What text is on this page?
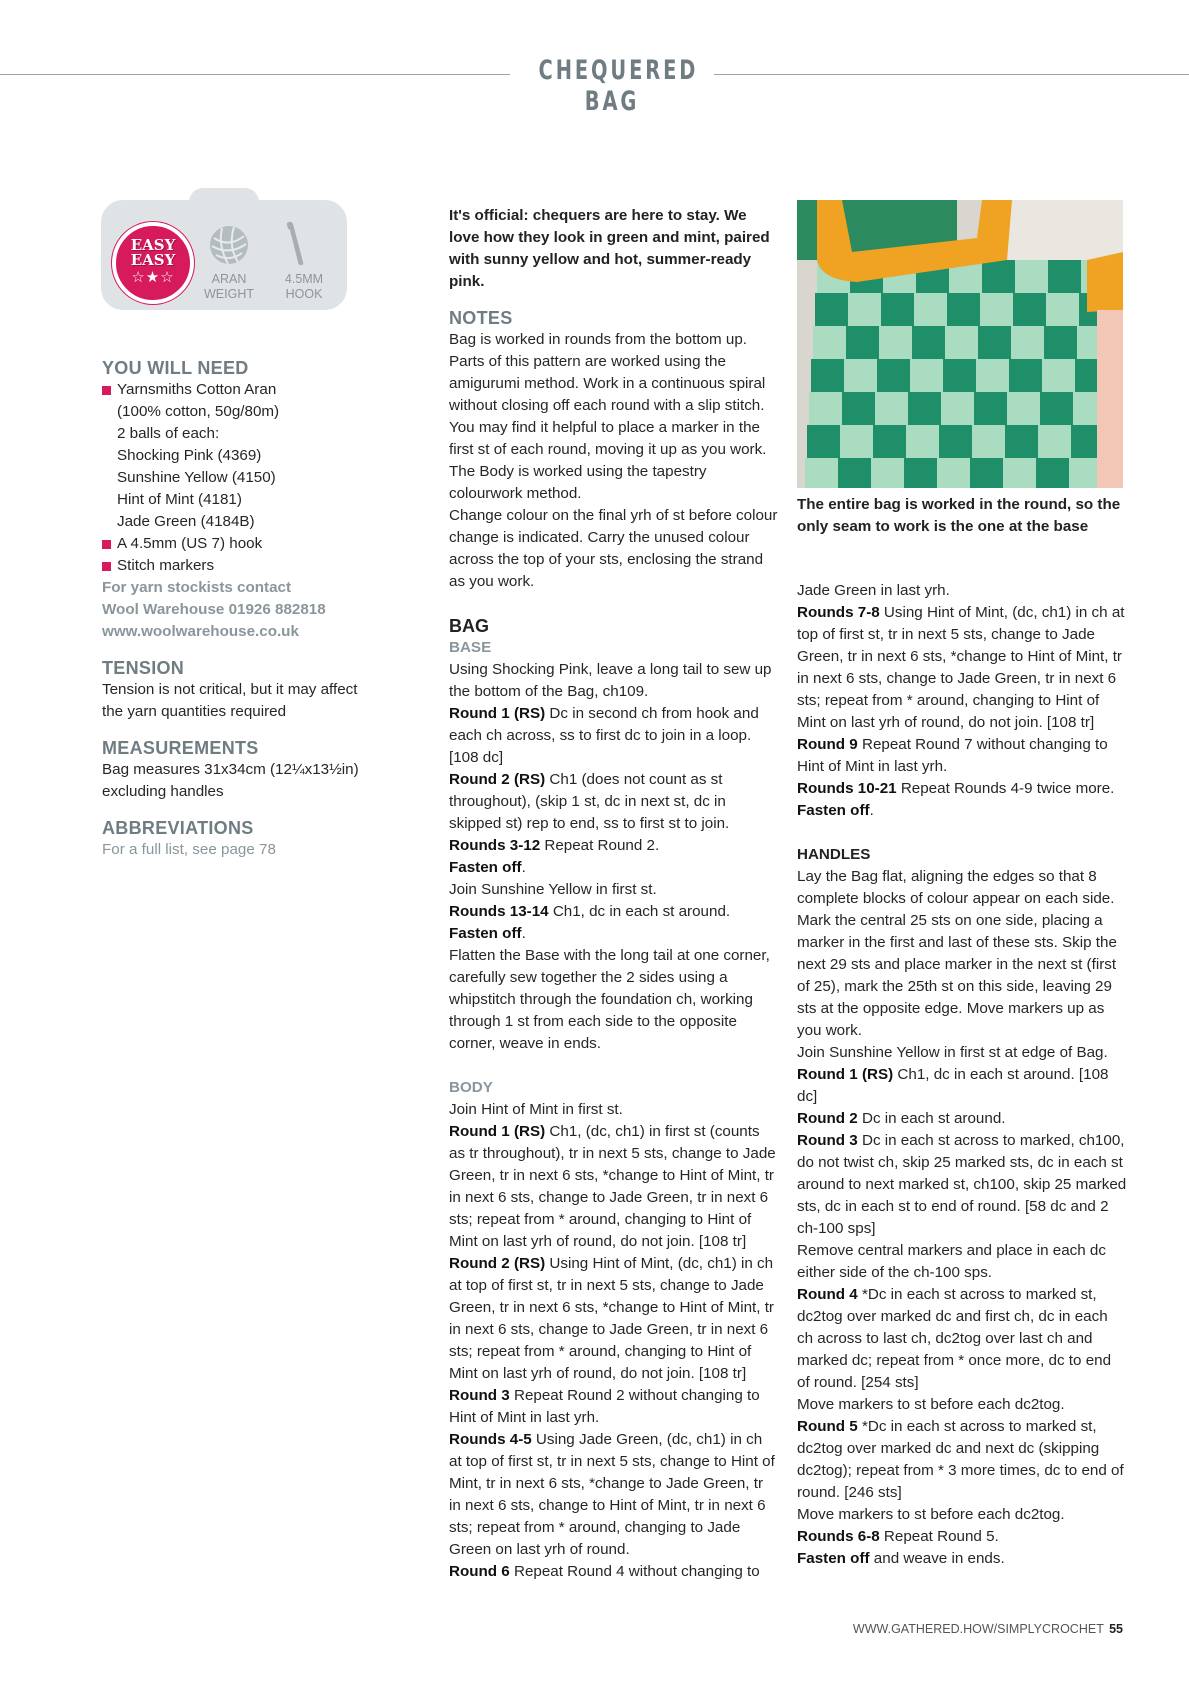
CHEQUERED BAG
EASY
EASY
☆★☆	ARAN
WEIGHT
4.5MM
HOOK
YOU WILL NEED
Yarnsmiths Cotton Aran
(100% cotton, 50g/80m)
2 balls of each:
Shocking Pink (4369)
Sunshine Yellow (4150)
Hint of Mint (4181)
Jade Green (4184B)
A 4.5mm (US 7) hook
Stitch markers
For yarn stockists contact
Wool Warehouse 01926 882818
www.woolwarehouse.co.uk
TENSION
Tension is not critical, but it may affect the yarn quantities required
MEASUREMENTS
Bag measures 31x34cm (12¼x13½in) excluding handles
ABBREVIATIONS
For a full list, see page 78
It's official: chequers are here to stay. We love how they look in green and mint, paired with sunny yellow and hot, summer-ready pink.
NOTES
Bag is worked in rounds from the bottom up. Parts of this pattern are worked using the amigurumi method. Work in a continuous spiral without closing off each round with a slip stitch. You may find it helpful to place a marker in the first st of each round, moving it up as you work.
The Body is worked using the tapestry colourwork method.
Change colour on the final yrh of st before colour change is indicated. Carry the unused colour across the top of your sts, enclosing the strand as you work.
BAG
BASE
Using Shocking Pink, leave a long tail to sew up the bottom of the Bag, ch109.
Round 1 (RS) Dc in second ch from hook and each ch across, ss to first dc to join in a loop. [108 dc]
Round 2 (RS) Ch1 (does not count as st throughout), (skip 1 st, dc in next st, dc in skipped st) rep to end, ss to first st to join.
Rounds 3-12 Repeat Round 2.
Fasten off.
Join Sunshine Yellow in first st.
Rounds 13-14 Ch1, dc in each st around.
Fasten off.
Flatten the Base with the long tail at one corner, carefully sew together the 2 sides using a whipstitch through the foundation ch, working through 1 st from each side to the opposite corner, weave in ends.
BODY
Join Hint of Mint in first st.
Round 1 (RS) Ch1, (dc, ch1) in first st (counts as tr throughout), tr in next 5 sts, change to Jade Green, tr in next 6 sts, *change to Hint of Mint, tr in next 6 sts, change to Jade Green, tr in next 6 sts; repeat from * around, changing to Hint of Mint on last yrh of round, do not join. [108 tr]
Round 2 (RS) Using Hint of Mint, (dc, ch1) in ch at top of first st, tr in next 5 sts, change to Jade Green, tr in next 6 sts, *change to Hint of Mint, tr in next 6 sts, change to Jade Green, tr in next 6 sts; repeat from * around, changing to Hint of Mint on last yrh of round, do not join. [108 tr]
Round 3 Repeat Round 2 without changing to Hint of Mint in last yrh.
Rounds 4-5 Using Jade Green, (dc, ch1) in ch at top of first st, tr in next 5 sts, change to Hint of Mint, tr in next 6 sts, *change to Jade Green, tr in next 6 sts, change to Hint of Mint, tr in next 6 sts; repeat from * around, changing to Jade Green on last yrh of round.
Round 6 Repeat Round 4 without changing to
The entire bag is worked in the round, so the only seam to work is the one at the base
Jade Green in last yrh.
Rounds 7-8 Using Hint of Mint, (dc, ch1) in ch at top of first st, tr in next 5 sts, change to Jade Green, tr in next 6 sts, *change to Hint of Mint, tr in next 6 sts, change to Jade Green, tr in next 6 sts; repeat from * around, changing to Hint of Mint on last yrh of round, do not join. [108 tr]
Round 9 Repeat Round 7 without changing to Hint of Mint in last yrh.
Rounds 10-21 Repeat Rounds 4-9 twice more.
Fasten off.
HANDLES
Lay the Bag flat, aligning the edges so that 8 complete blocks of colour appear on each side. Mark the central 25 sts on one side, placing a marker in the first and last of these sts. Skip the next 29 sts and place marker in the next st (first of 25), mark the 25th st on this side, leaving 29 sts at the opposite edge. Move markers up as you work.
Join Sunshine Yellow in first st at edge of Bag.
Round 1 (RS) Ch1, dc in each st around. [108 dc]
Round 2 Dc in each st around.
Round 3 Dc in each st across to marked, ch100, do not twist ch, skip 25 marked sts, dc in each st around to next marked st, ch100, skip 25 marked sts, dc in each st to end of round. [58 dc and 2 ch-100 sps]
Remove central markers and place in each dc either side of the ch-100 sps.
Round 4 *Dc in each st across to marked st, dc2tog over marked dc and first ch, dc in each ch across to last ch, dc2tog over last ch and marked dc; repeat from * once more, dc to end of round. [254 sts]
Move markers to st before each dc2tog.
Round 5 *Dc in each st across to marked st, dc2tog over marked dc and next dc (skipping dc2tog); repeat from * 3 more times, dc to end of round. [246 sts]
Move markers to st before each dc2tog.
Rounds 6-8 Repeat Round 5.
Fasten off and weave in ends.
WWW.GATHERED.HOW/SIMPLYCROCHET 55
